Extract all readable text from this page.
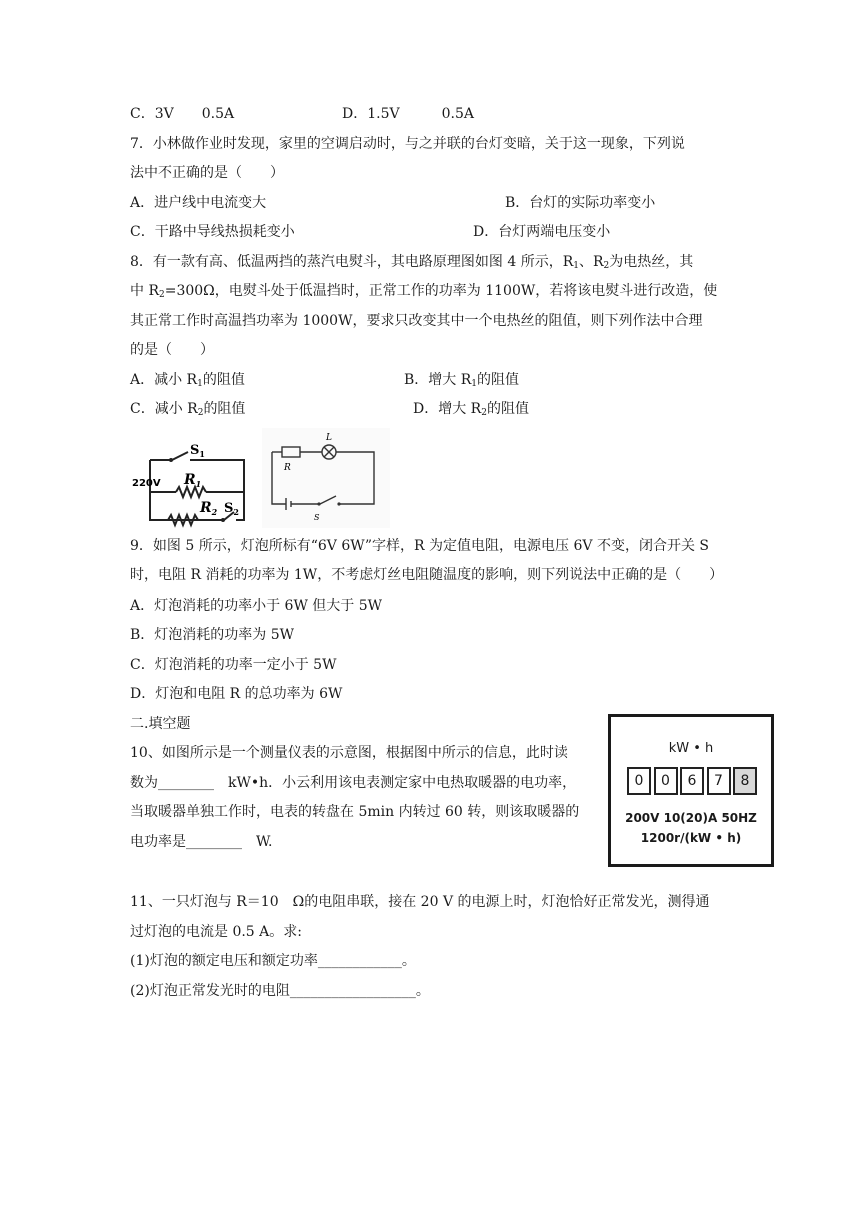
C．3V　　0.5A	D．1.5V　　　0.5A
7．小林做作业时发现，家里的空调启动时，与之并联的台灯变暗，关于这一现象，下列说
法中不正确的是（　　）
A．进户线中电流变大	B．台灯的实际功率变小
C．干路中导线热损耗变小	D．台灯两端电压变小
8．有一款有高、低温两挡的蒸汽电熨斗，其电路原理图如图 4 所示，$R_1$、$R_2$为电热丝，其
中 $R_2=300\Omega$，电熨斗处于低温挡时，正常工作的功率为 1100W，若将该电熨斗进行改造，使
其正常工作时高温挡功率为 1000W，要求只改变其中一个电热丝的阻值，则下列作法中合理
的是（　　）
A．减小 $R_1$的阻值	B．增大 $R_1$的阻值
C．减小 $R_2$的阻值	D．增大 $R_2$的阻值
220V
$S_1$
$R_1$
$R_2$ $S_2$
R
L
S
9．如图 5 所示，灯泡所标有“6V 6W”字样，R 为定值电阻，电源电压 6V 不变，闭合开关 S
时，电阻 R 消耗的功率为 1W，不考虑灯丝电阻随温度的影响，则下列说法中正确的是（　　）
A．灯泡消耗的功率小于 6W 但大于 5W
B．灯泡消耗的功率为 5W
C．灯泡消耗的功率一定小于 5W
D．灯泡和电阻 R 的总功率为 6W
二.填空题
10、如图所示是一个测量仪表的示意图，根据图中所示的信息，此时读
数为________　kW•h．小云利用该电表测定家中电热取暖器的电功率，
当取暖器单独工作时，电表的转盘在 5min 内转过 60 转，则该取暖器的
电功率是________　W.
kW • h
0	0	6	7	8
200V 10(20)A 50HZ
1200r/(kW • h)
11、一只灯泡与 R＝10　Ω的电阻串联，接在 20 V 的电源上时，灯泡恰好正常发光，测得通
过灯泡的电流是 0.5 A。求:
(1)灯泡的额定电压和额定功率____________。
(2)灯泡正常发光时的电阻__________________。
